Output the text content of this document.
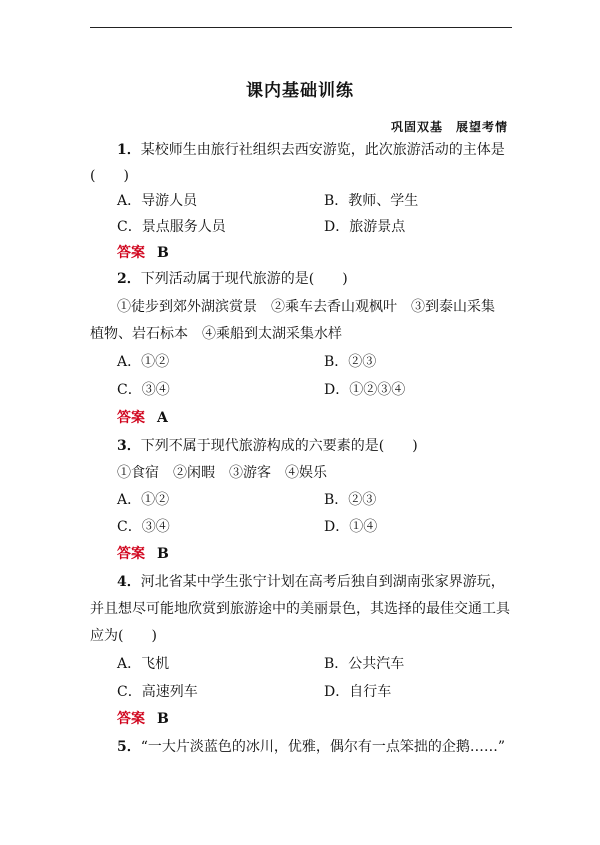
课内基础训练
巩固双基　展望考情
1．某校师生由旅行社组织去西安游览，此次旅游活动的主体是
(　　)
A．导游人员	B．教师、学生
C．景点服务人员	D．旅游景点
答案 B
2．下列活动属于现代旅游的是(　　)
①徒步到郊外湖滨赏景　②乘车去香山观枫叶　③到泰山采集
植物、岩石标本　④乘船到太湖采集水样
A．①②	B．②③
C．③④	D．①②③④
答案 A
3．下列不属于现代旅游构成的六要素的是(　　)
①食宿　②闲暇　③游客　④娱乐
A．①②	B．②③
C．③④	D．①④
答案 B
4．河北省某中学生张宁计划在高考后独自到湖南张家界游玩，
并且想尽可能地欣赏到旅游途中的美丽景色，其选择的最佳交通工具
应为(　　)
A．飞机	B．公共汽车
C．高速列车	D．自行车
答案 B
5．“一大片淡蓝色的冰川，优雅，偶尔有一点笨拙的企鹅……”
